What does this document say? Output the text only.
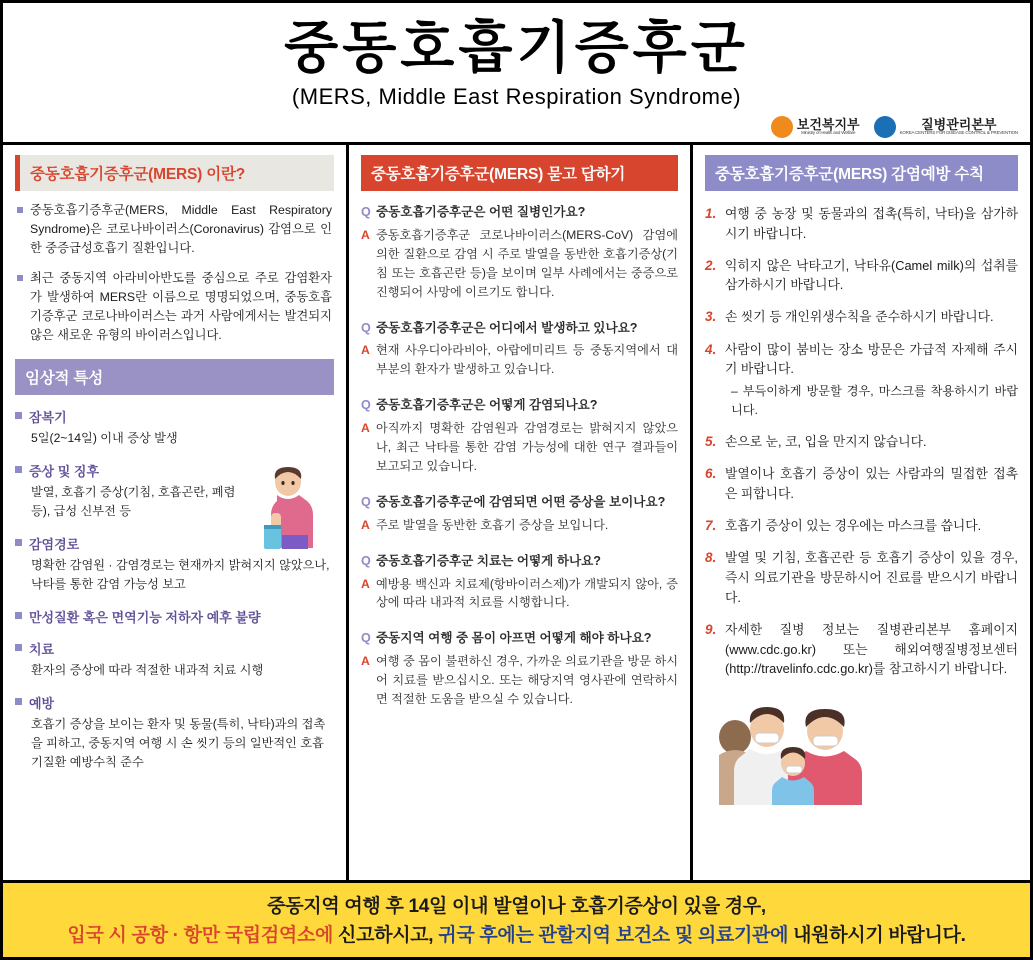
중동호흡기증후군
(MERS, Middle East Respiration Syndrome)
보건복지부
Ministry of Health and Welfare
질병관리본부
KOREA CENTERS FOR DISEASE CONTROL & PREVENTION
중동호흡기증후군(MERS) 이란?
중동호흡기증후군(MERS, Middle East Respiratory Syndrome)은 코로나바이러스(Coronavirus) 감염으로 인한 중증급성호흡기 질환입니다.
최근 중동지역 아라비아반도를 중심으로 주로 감염환자가 발생하여 MERS란 이름으로 명명되었으며, 중동호흡기증후군 코로나바이러스는 과거 사람에게서는 발견되지 않은 새로운 유형의 바이러스입니다.
임상적 특성
잠복기
5일(2~14일) 이내 증상 발생
증상 및 징후
발열, 호흡기 증상(기침, 호흡곤란, 폐렴 등), 급성 신부전 등
감염경로
명확한 감염원 · 감염경로는 현재까지 밝혀지지 않았으나, 낙타를 통한 감염 가능성 보고
만성질환 혹은 면역기능 저하자 예후 불량
치료
환자의 증상에 따라 적절한 내과적 치료 시행
예방
호흡기 증상을 보이는 환자 및 동물(특히, 낙타)과의 접촉을 피하고, 중동지역 여행 시 손 씻기 등의 일반적인 호흡기질환 예방수칙 준수
중동호흡기증후군(MERS) 묻고 답하기
Q 중동호흡기증후군은 어떤 질병인가요?
A 중동호흡기증후군 코로나바이러스(MERS-CoV) 감염에 의한 질환으로 감염 시 주로 발열을 동반한 호흡기증상(기침 또는 호흡곤란 등)을 보이며 일부 사례에서는 중증으로 진행되어 사망에 이르기도 합니다.
Q 중동호흡기증후군은 어디에서 발생하고 있나요?
A 현재 사우디아라비아, 아랍에미리트 등 중동지역에서 대부분의 환자가 발생하고 있습니다.
Q 중동호흡기증후군은 어떻게 감염되나요?
A 아직까지 명확한 감염원과 감염경로는 밝혀지지 않았으나, 최근 낙타를 통한 감염 가능성에 대한 연구 결과들이 보고되고 있습니다.
Q 중동호흡기증후군에 감염되면 어떤 증상을 보이나요?
A 주로 발열을 동반한 호흡기 증상을 보입니다.
Q 중동호흡기증후군 치료는 어떻게 하나요?
A 예방용 백신과 치료제(항바이러스제)가 개발되지 않아, 증상에 따라 내과적 치료를 시행합니다.
Q 중동지역 여행 중 몸이 아프면 어떻게 해야 하나요?
A 여행 중 몸이 불편하신 경우, 가까운 의료기관을 방문 하시어 치료를 받으십시오. 또는 해당지역 영사관에 연락하시면 적절한 도움을 받으실 수 있습니다.
중동호흡기증후군(MERS) 감염예방 수칙
1. 여행 중 농장 및 동물과의 접촉(특히, 낙타)을 삼가하시기 바랍니다.
2. 익히지 않은 낙타고기, 낙타유(Camel milk)의 섭취를 삼가하시기 바랍니다.
3. 손 씻기 등 개인위생수칙을 준수하시기 바랍니다.
4. 사람이 많이 붐비는 장소 방문은 가급적 자제해 주시기 바랍니다.
– 부득이하게 방문할 경우, 마스크를 착용하시기 바랍니다.
5. 손으로 눈, 코, 입을 만지지 않습니다.
6. 발열이나 호흡기 증상이 있는 사람과의 밀접한 접촉은 피합니다.
7. 호흡기 증상이 있는 경우에는 마스크를 씁니다.
8. 발열 및 기침, 호흡곤란 등 호흡기 증상이 있을 경우, 즉시 의료기관을 방문하시어 진료를 받으시기 바랍니다.
9. 자세한 질병 정보는 질병관리본부 홈페이지(www.cdc.go.kr) 또는 해외여행질병정보센터(http://travelinfo.cdc.go.kr)를 참고하시기 바랍니다.
중동지역 여행 후 14일 이내 발열이나 호흡기증상이 있을 경우,
입국 시 공항 · 항만 국립검역소에 신고하시고, 귀국 후에는 관할지역 보건소 및 의료기관에 내원하시기 바랍니다.
